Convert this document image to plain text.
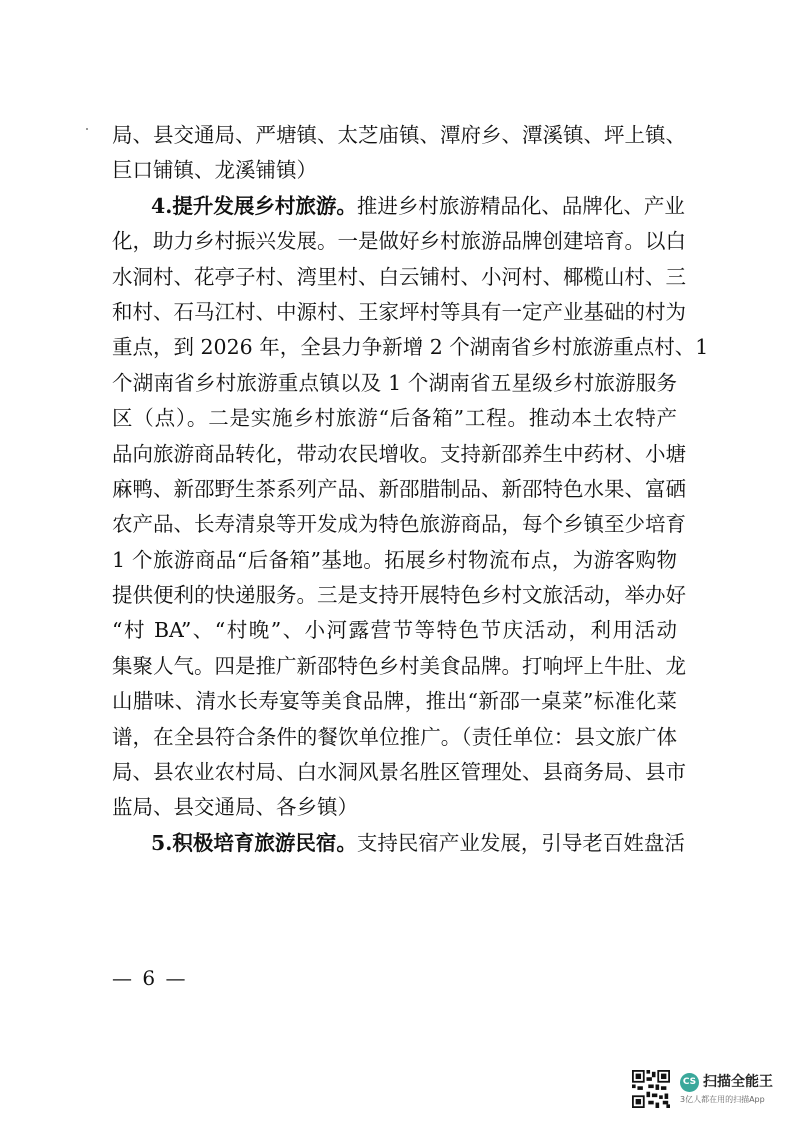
局、县交通局、严塘镇、太芝庙镇、潭府乡、潭溪镇、坪上镇、
巨口铺镇、龙溪铺镇）
4.提升发展乡村旅游。推进乡村旅游精品化、品牌化、产业
化，助力乡村振兴发展。一是做好乡村旅游品牌创建培育。以白
水洞村、花亭子村、湾里村、白云铺村、小河村、椰榄山村、三
和村、石马江村、中源村、王家坪村等具有一定产业基础的村为
重点，到 2026 年，全县力争新增 2 个湖南省乡村旅游重点村、1
个湖南省乡村旅游重点镇以及 1 个湖南省五星级乡村旅游服务
区（点）。二是实施乡村旅游“后备箱”工程。推动本土农特产
品向旅游商品转化，带动农民增收。支持新邵养生中药材、小塘
麻鸭、新邵野生茶系列产品、新邵腊制品、新邵特色水果、富硒
农产品、长寿清泉等开发成为特色旅游商品，每个乡镇至少培育
1 个旅游商品“后备箱”基地。拓展乡村物流布点，为游客购物
提供便利的快递服务。三是支持开展特色乡村文旅活动，举办好
“村 BA”、“村晚”、小河露营节等特色节庆活动，利用活动
集聚人气。四是推广新邵特色乡村美食品牌。打响坪上牛肚、龙
山腊味、清水长寿宴等美食品牌，推出“新邵一桌菜”标准化菜
谱，在全县符合条件的餐饮单位推广。（责任单位：县文旅广体
局、县农业农村局、白水洞风景名胜区管理处、县商务局、县市
监局、县交通局、各乡镇）
5.积极培育旅游民宿。支持民宿产业发展，引导老百姓盘活
— 6 —
CS 扫描全能王
3亿人都在用的扫描App
